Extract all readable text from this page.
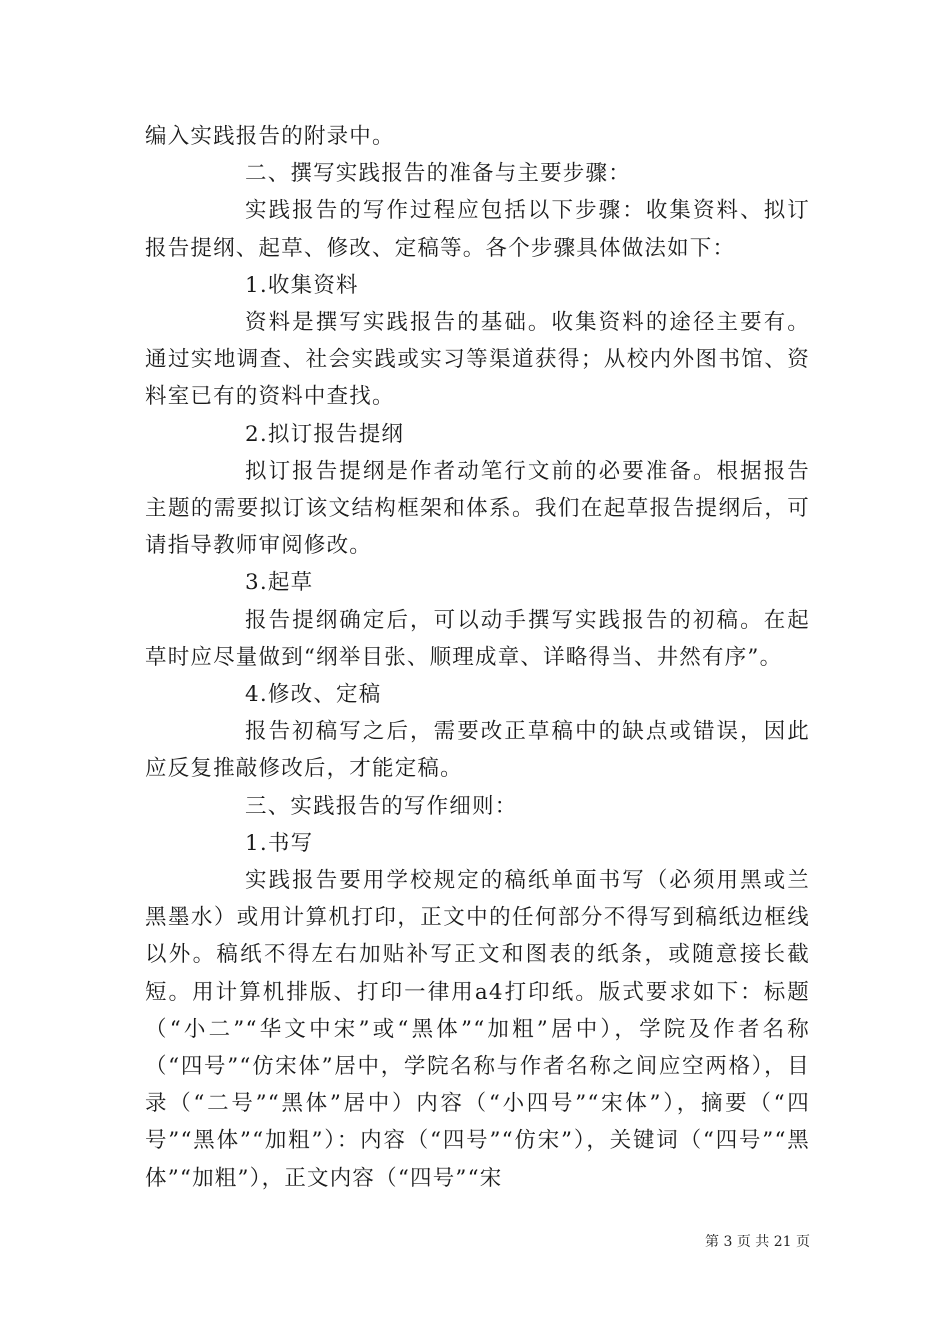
编入实践报告的附录中。

二、撰写实践报告的准备与主要步骤：

实践报告的写作过程应包括以下步骤：收集资料、拟订报告提纲、起草、修改、定稿等。各个步骤具体做法如下：

1.收集资料

资料是撰写实践报告的基础。收集资料的途径主要有。通过实地调查、社会实践或实习等渠道获得；从校内外图书馆、资料室已有的资料中查找。

2.拟订报告提纲

拟订报告提纲是作者动笔行文前的必要准备。根据报告主题的需要拟订该文结构框架和体系。我们在起草报告提纲后，可请指导教师审阅修改。

3.起草

报告提纲确定后，可以动手撰写实践报告的初稿。在起草时应尽量做到“纲举目张、顺理成章、详略得当、井然有序”。

4.修改、定稿

报告初稿写之后，需要改正草稿中的缺点或错误，因此应反复推敲修改后，才能定稿。

三、实践报告的写作细则：

1.书写

实践报告要用学校规定的稿纸单面书写（必须用黑或兰黑墨水）或用计算机打印，正文中的任何部分不得写到稿纸边框线以外。稿纸不得左右加贴补写正文和图表的纸条，或随意接长截短。用计算机排版、打印一律用a4打印纸。版式要求如下：标题（“小二”“华文中宋”或“黑体”“加粗”居中），学院及作者名称（“四号”“仿宋体”居中，学院名称与作者名称之间应空两格），目录（“二号”“黑体”居中）内容（“小四号”“宋体”），摘要（“四号”“黑体”“加粗”）：内容（“四号”“仿宋”），关键词（“四号”“黑体”“加粗”），正文内容（“四号”“宋

第 3 页 共 21 页
